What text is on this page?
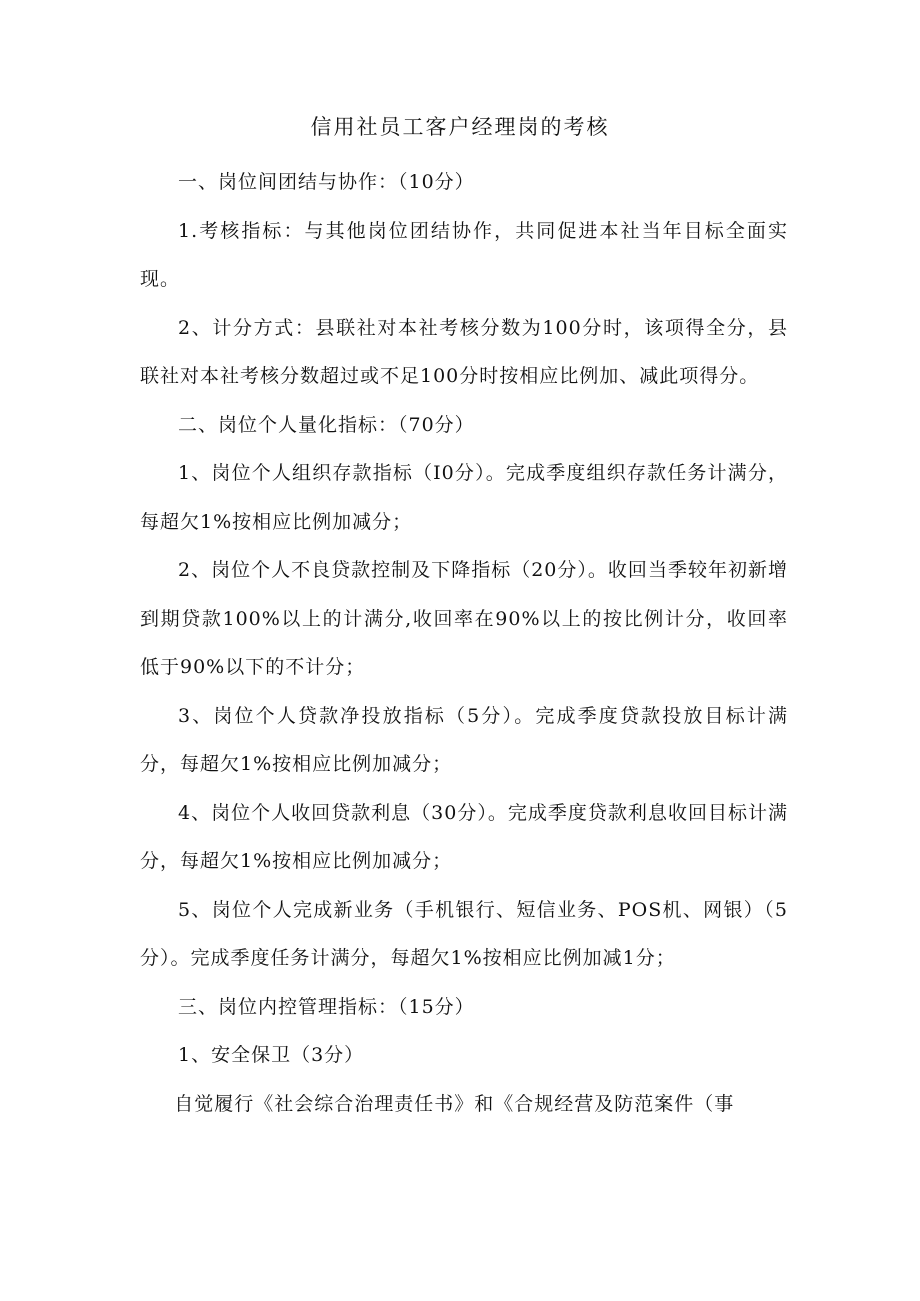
信用社员工客户经理岗的考核

一、岗位间团结与协作：（10分）

1.考核指标：与其他岗位团结协作，共同促进本社当年目标全面实现。

2、计分方式：县联社对本社考核分数为100分时，该项得全分，县联社对本社考核分数超过或不足100分时按相应比例加、减此项得分。

二、岗位个人量化指标：（70分）

1、岗位个人组织存款指标（I0分）。完成季度组织存款任务计满分，每超欠1%按相应比例加减分；

2、岗位个人不良贷款控制及下降指标（20分）。收回当季较年初新增到期贷款100%以上的计满分,收回率在90%以上的按比例计分，收回率低于90%以下的不计分；

3、岗位个人贷款净投放指标（5分）。完成季度贷款投放目标计满分，每超欠1%按相应比例加减分；

4、岗位个人收回贷款利息（30分）。完成季度贷款利息收回目标计满分，每超欠1%按相应比例加减分；

5、岗位个人完成新业务（手机银行、短信业务、POS机、网银）（5分）。完成季度任务计满分，每超欠1%按相应比例加减1分；

三、岗位内控管理指标：（15分）

1、安全保卫（3分）

自觉履行《社会综合治理责任书》和《合规经营及防范案件（事
